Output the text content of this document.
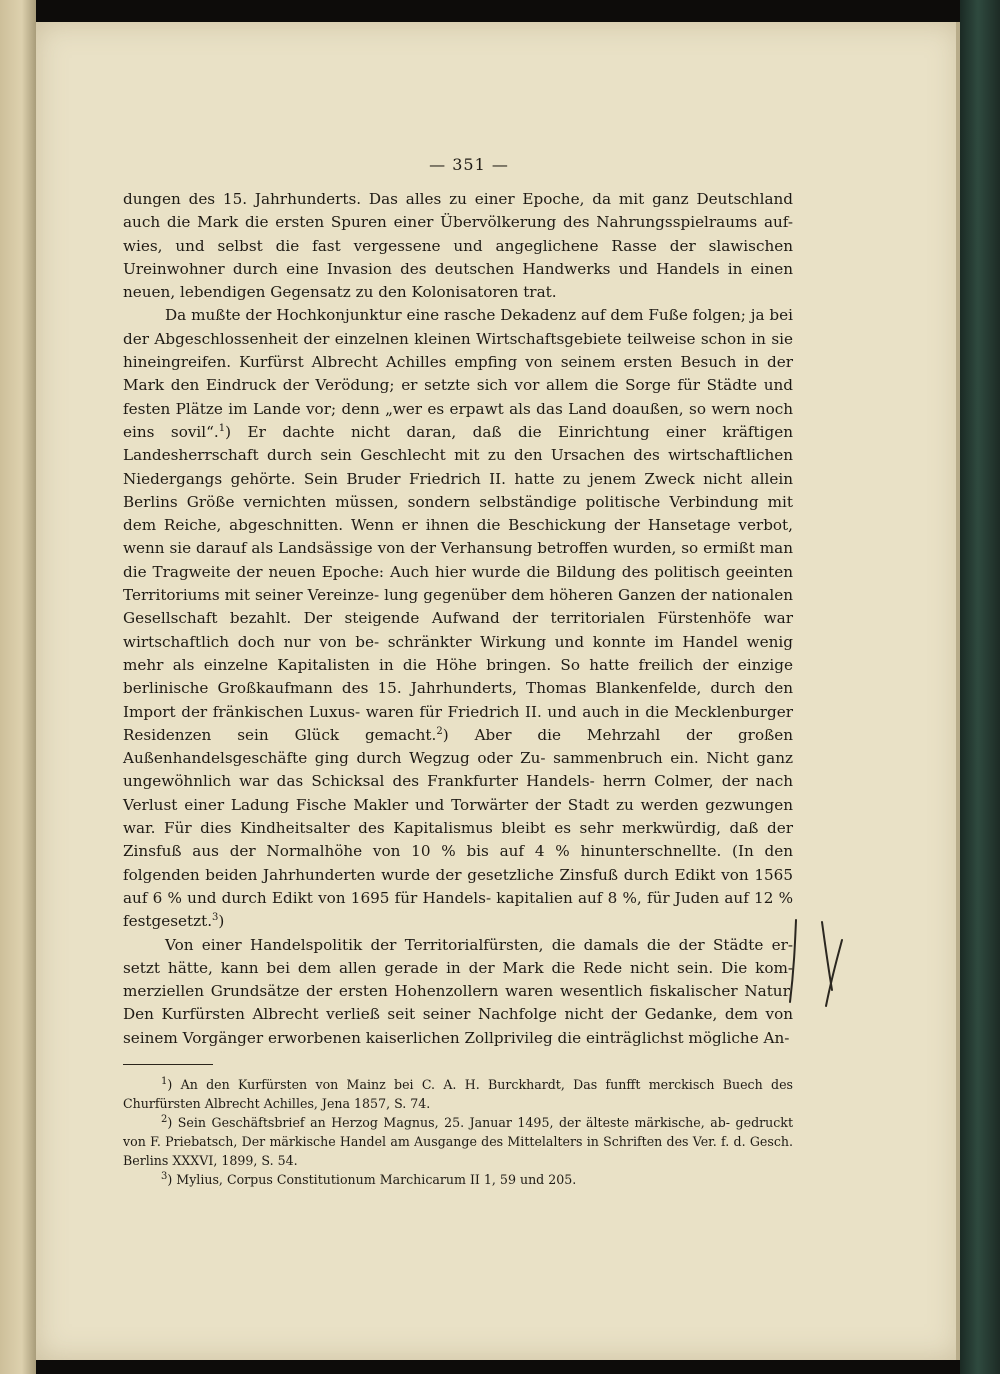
— 351 —

dungen des 15. Jahrhunderts. Das alles zu einer Epoche, da mit ganz Deutschland auch die Mark die ersten Spuren einer Übervölkerung des Nahrungsspielraums auf- wies, und selbst die fast vergessene und angeglichene Rasse der slawischen Ureinwohner durch eine Invasion des deutschen Handwerks und Handels in einen neuen, lebendigen Gegensatz zu den Kolonisatoren trat.

Da mußte der Hochkonjunktur eine rasche Dekadenz auf dem Fuße folgen; ja bei der Abgeschlossenheit der einzelnen kleinen Wirtschaftsgebiete teilweise schon in sie hineingreifen. Kurfürst Albrecht Achilles empfing von seinem ersten Besuch in der Mark den Eindruck der Verödung; er setzte sich vor allem die Sorge für Städte und festen Plätze im Lande vor; denn „wer es erpawt als das Land doaußen, so wern noch eins sovil“.$^1$) Er dachte nicht daran, daß die Einrichtung einer kräftigen Landesherrschaft durch sein Geschlecht mit zu den Ursachen des wirtschaftlichen Niedergangs gehörte. Sein Bruder Friedrich II. hatte zu jenem Zweck nicht allein Berlins Größe vernichten müssen, sondern selbständige politische Verbindung mit dem Reiche, abgeschnitten. Wenn er ihnen die Beschickung der Hansetage verbot, wenn sie darauf als Landsässige von der Verhansung betroffen wurden, so ermißt man die Tragweite der neuen Epoche: Auch hier wurde die Bildung des politisch geeinten Territoriums mit seiner Vereinze- lung gegenüber dem höheren Ganzen der nationalen Gesellschaft bezahlt. Der steigende Aufwand der territorialen Fürstenhöfe war wirtschaftlich doch nur von be- schränkter Wirkung und konnte im Handel wenig mehr als einzelne Kapitalisten in die Höhe bringen. So hatte freilich der einzige berlinische Großkaufmann des 15. Jahrhunderts, Thomas Blankenfelde, durch den Import der fränkischen Luxus- waren für Friedrich II. und auch in die Mecklenburger Residenzen sein Glück gemacht.$^2$) Aber die Mehrzahl der großen Außenhandelsgeschäfte ging durch Wegzug oder Zu- sammenbruch ein. Nicht ganz ungewöhnlich war das Schicksal des Frankfurter Handels- herrn Colmer, der nach Verlust einer Ladung Fische Makler und Torwärter der Stadt zu werden gezwungen war. Für dies Kindheitsalter des Kapitalismus bleibt es sehr merkwürdig, daß der Zinsfuß aus der Normalhöhe von 10 % bis auf 4 % hinunterschnellte. (In den folgenden beiden Jahrhunderten wurde der gesetzliche Zinsfuß durch Edikt von 1565 auf 6 % und durch Edikt von 1695 für Handels- kapitalien auf 8 %, für Juden auf 12 % festgesetzt.$^3$)

Von einer Handelspolitik der Territorialfürsten, die damals die der Städte er- setzt hätte, kann bei dem allen gerade in der Mark die Rede nicht sein. Die kom- merziellen Grundsätze der ersten Hohenzollern waren wesentlich fiskalischer Natur. Den Kurfürsten Albrecht verließ seit seiner Nachfolge nicht der Gedanke, dem von seinem Vorgänger erworbenen kaiserlichen Zollprivileg die einträglichst mögliche An-

$^1$) An den Kurfürsten von Mainz bei C. A. H. Burckhardt, Das funfft merckisch Buech des Churfürsten Albrecht Achilles, Jena 1857, S. 74.

$^2$) Sein Geschäftsbrief an Herzog Magnus, 25. Januar 1495, der älteste märkische, ab- gedruckt von F. Priebatsch, Der märkische Handel am Ausgange des Mittelalters in Schriften des Ver. f. d. Gesch. Berlins XXXVI, 1899, S. 54.

$^3$) Mylius, Corpus Constitutionum Marchicarum II 1, 59 und 205.
